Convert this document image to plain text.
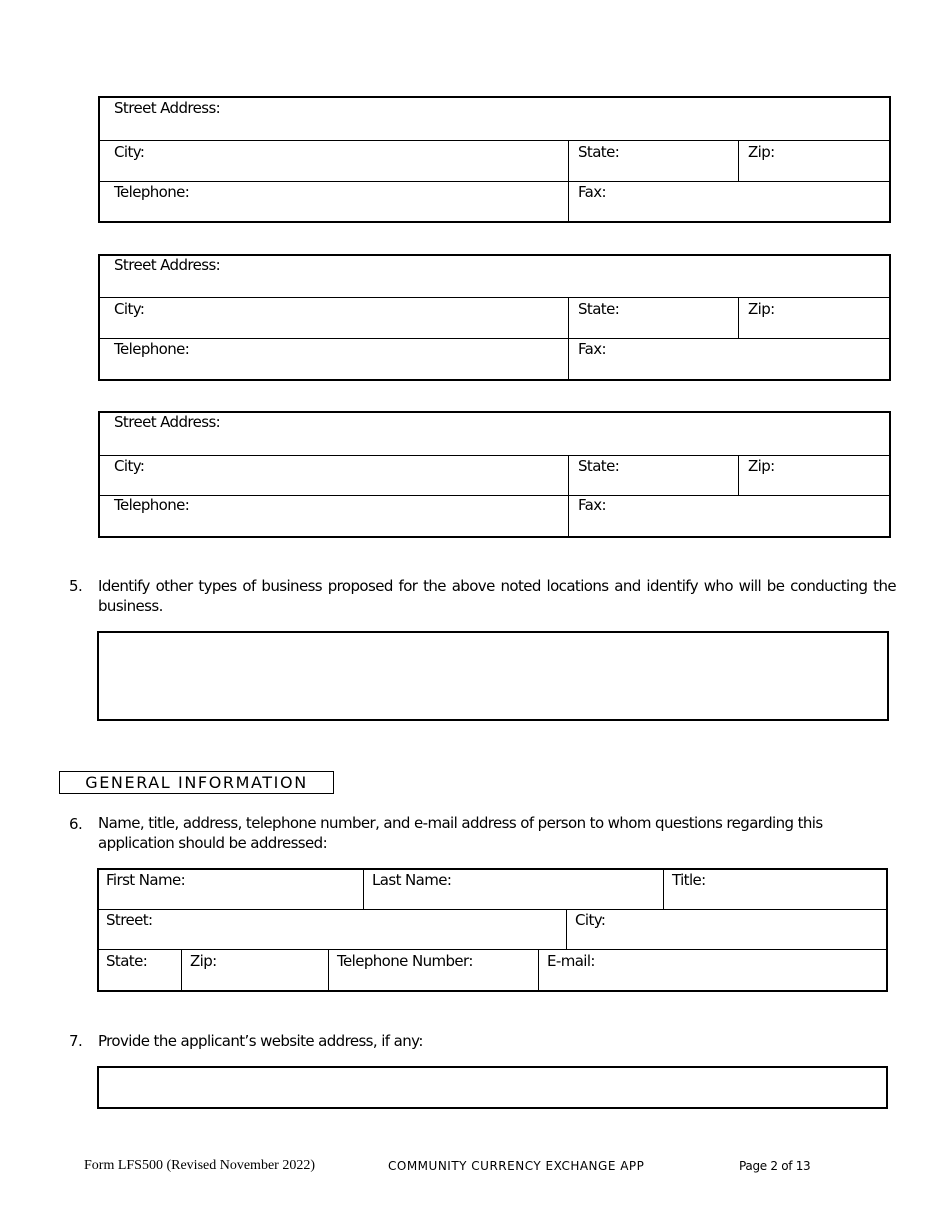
Street Address:
City:	State:	Zip:
Telephone:	Fax:
Street Address:
City:	State:	Zip:
Telephone:	Fax:
Street Address:
City:	State:	Zip:
Telephone:	Fax:
5. Identify other types of business proposed for the above noted locations and identify who will be conducting the business.
GENERAL INFORMATION
6. Name, title, address, telephone number, and e-mail address of person to whom questions regarding this application should be addressed:
First Name:	Last Name:	Title:
Street:	City:
State:	Zip:	Telephone Number:	E-mail:
7. Provide the applicant’s website address, if any:
Form LFS500 (Revised November 2022)	COMMUNITY CURRENCY EXCHANGE APP	Page 2 of 13
